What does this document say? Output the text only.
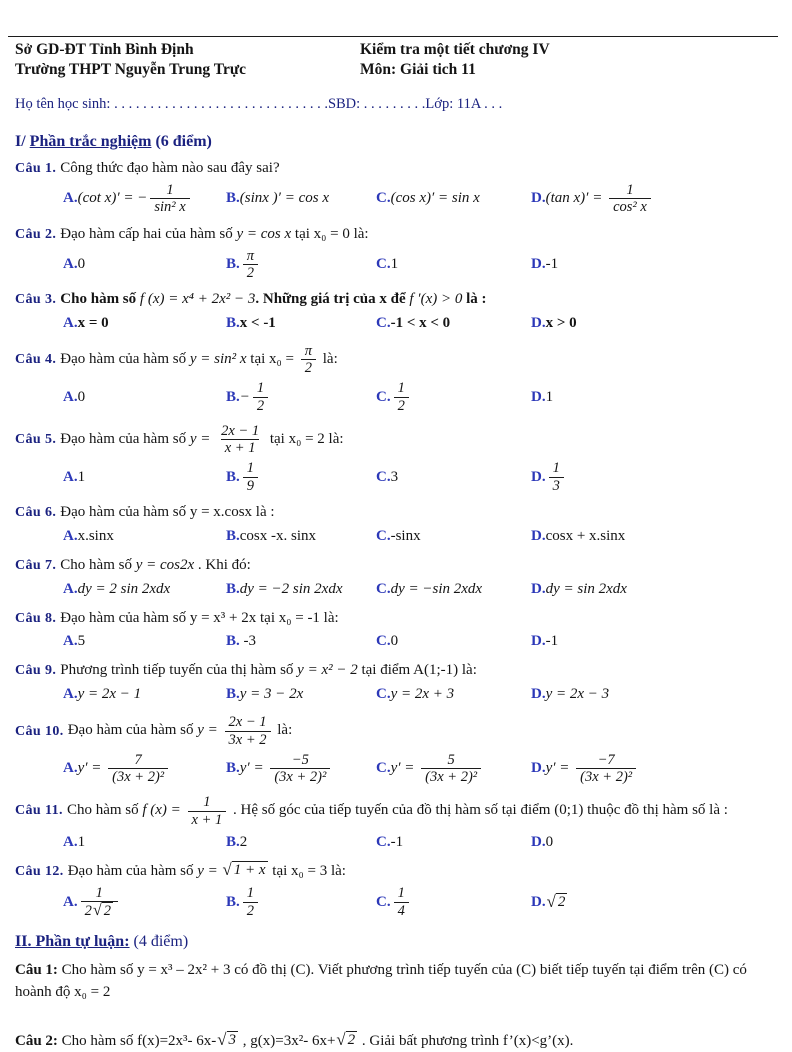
Sở GD-ĐT Tỉnh Bình Định	Kiểm tra một tiết chương IV
Trường THPT Nguyễn Trung Trực	Môn: Giải tich 11
Họ tên học sinh: . . . . . . . . . . . . . . . . . . . . . . . . . . . . . .SBD: . . . . . . . . .Lớp: 11A . . .
I/ Phần trắc nghiệm (6 điểm)
Câu 1. Công thức đạo hàm nào sau đây sai?
A. (cot x)′ = − $\frac{1}{\text{sin² x}} B$. (sinx )′ = cos x	C. (cos x)′ = sin x	D. (tan $x)' = \frac{1}{\text{cos² x}}$
Câu 2. Đạo hàm cấp hai của hàm số y = cos x tại x₀ = 0 là:
A. 0	B. $\frac{\pi}{2}$	C. 1	D. -1
Câu 3. Cho hàm số f (x) = x⁴ + 2x² − 3. Những giá trị của x để f ′(x) > 0 là :
A. x = 0	B. x < -1	C. -1 < x < 0	D. x > 0
Câu 4. Đạo hàm của hàm số y = sin² x tại $x_0 = \frac{\pi}{2}$ là:
A. 0	B. − $\frac{1}{2}$	C. $\frac{1}{2}$	D. 1
Câu 5. Đạo hàm của hàm số $y = \frac{2x - 1}{x + 1}$ tại x₀ = 2 là:
A. 1	B. $\frac{1}{9}$	C. 3	D. $\frac{1}{3}$
Câu 6. Đạo hàm của hàm số y = x.cosx là :
A. x.sinx	B. cosx -x. sinx	C. -sinx	D. cosx + x.sinx
Câu 7. Cho hàm số y = cos2x . Khi đó:
A. dy = 2 sin 2xdx	B. dy = −2 sin 2xdx C. dy = −sin 2xdx	D. dy = sin 2xdx
Câu 8. Đạo hàm của hàm số y = x³ + 2x tại x₀ = -1 là:
A. 5	B. -3	C. 0	D. -1
Câu 9. Phương trình tiếp tuyến của thị hàm số y = x² − 2 tại điểm A(1;-1) là:
A. y = 2x − 1	B. y = 3 − 2x	C. y = 2x + 3	D. y = 2x − 3
Câu 10. Đạo hàm của hàm số $y = \frac{2x - 1}{3x + 2}$ là:
A. $y' = \frac{7}{\text{(3x + 2)²}}$	B. $y' = \frac{-5}{\text{(3x + 2)²}}$	C. $y' = \frac{5}{\text{(3x + 2)²}}$	D. $y' = \frac{-7}{\text{(3x + 2)²}}$
Câu 11. Cho hàm số f $(x) = \frac{1}{x + 1}$ . Hệ số góc của tiếp tuyến của đồ thị hàm số tại điểm (0;1) thuộc đồ thị hàm số là :
A. 1	B. 2	C. -1	D. 0
Câu 12. Đạo hàm của hàm số y = √ 1 + x tại x₀ = 3 là:
A. $\frac{1}{2 √ 2}$	B. $\frac{1}{2}$	C. $\frac{1}{4}$	D. √ 2
II. Phần tự luận: (4 điểm)
Câu 1: Cho hàm số y = x³ – 2x² + 3 có đồ thị (C). Viết phương trình tiếp tuyến của (C) biết tiếp tuyến tại điểm trên (C) có hoành độ x₀ = 2
Câu 2: Cho hàm số f(x)=2x³- 6x- √ 3 , g(x)=3x²- 6x+ √ 2 . Giải bất phương trình f’(x)<g’(x).
